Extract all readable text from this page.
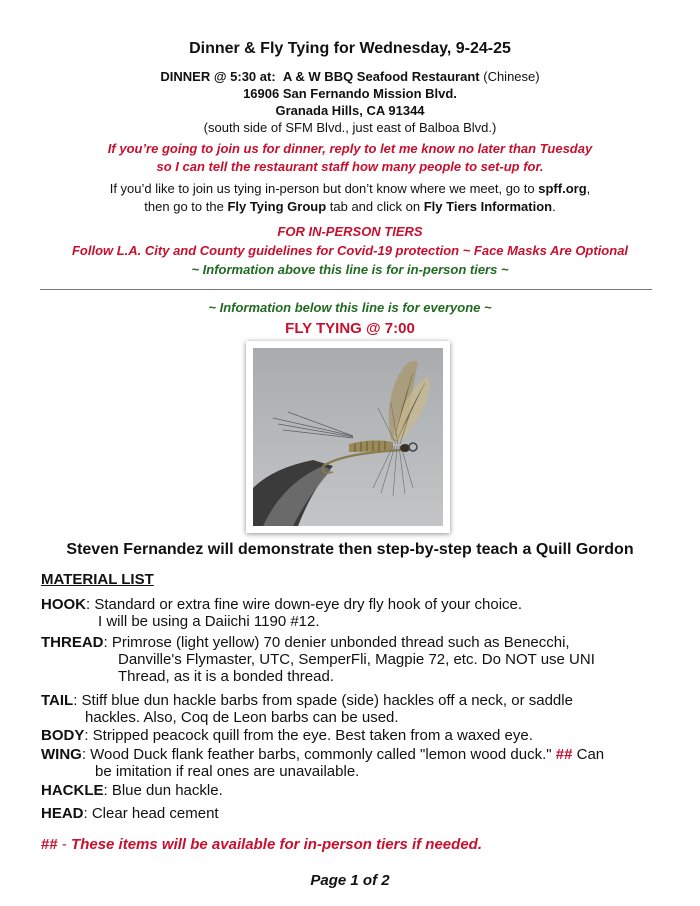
Dinner & Fly Tying for Wednesday, 9-24-25
DINNER @ 5:30 at: A & W BBQ Seafood Restaurant (Chinese)
16906 San Fernando Mission Blvd.
Granada Hills, CA 91344
(south side of SFM Blvd., just east of Balboa Blvd.)
If you’re going to join us for dinner, reply to let me know no later than Tuesday
so I can tell the restaurant staff how many people to set-up for.
If you’d like to join us tying in-person but don’t know where we meet, go to spff.org,
then go to the Fly Tying Group tab and click on Fly Tiers Information.
FOR IN-PERSON TIERS
Follow L.A. City and County guidelines for Covid-19 protection ~ Face Masks Are Optional
~ Information above this line is for in-person tiers ~
~ Information below this line is for everyone ~
FLY TYING @ 7:00
Steven Fernandez will demonstrate then step-by-step teach a Quill Gordon
MATERIAL LIST
HOOK: Standard or extra fine wire down-eye dry fly hook of your choice.
I will be using a Daiichi 1190 #12.
THREAD: Primrose (light yellow) 70 denier unbonded thread such as Benecchi,
Danville's Flymaster, UTC, SemperFli, Magpie 72, etc. Do NOT use UNI
Thread, as it is a bonded thread.
TAIL: Stiff blue dun hackle barbs from spade (side) hackles off a neck, or saddle
hackles. Also, Coq de Leon barbs can be used.
BODY: Stripped peacock quill from the eye. Best taken from a waxed eye.
WING: Wood Duck flank feather barbs, commonly called "lemon wood duck." ## Can
be imitation if real ones are unavailable.
HACKLE: Blue dun hackle.
HEAD: Clear head cement
## - These items will be available for in-person tiers if needed.
Page 1 of 2
